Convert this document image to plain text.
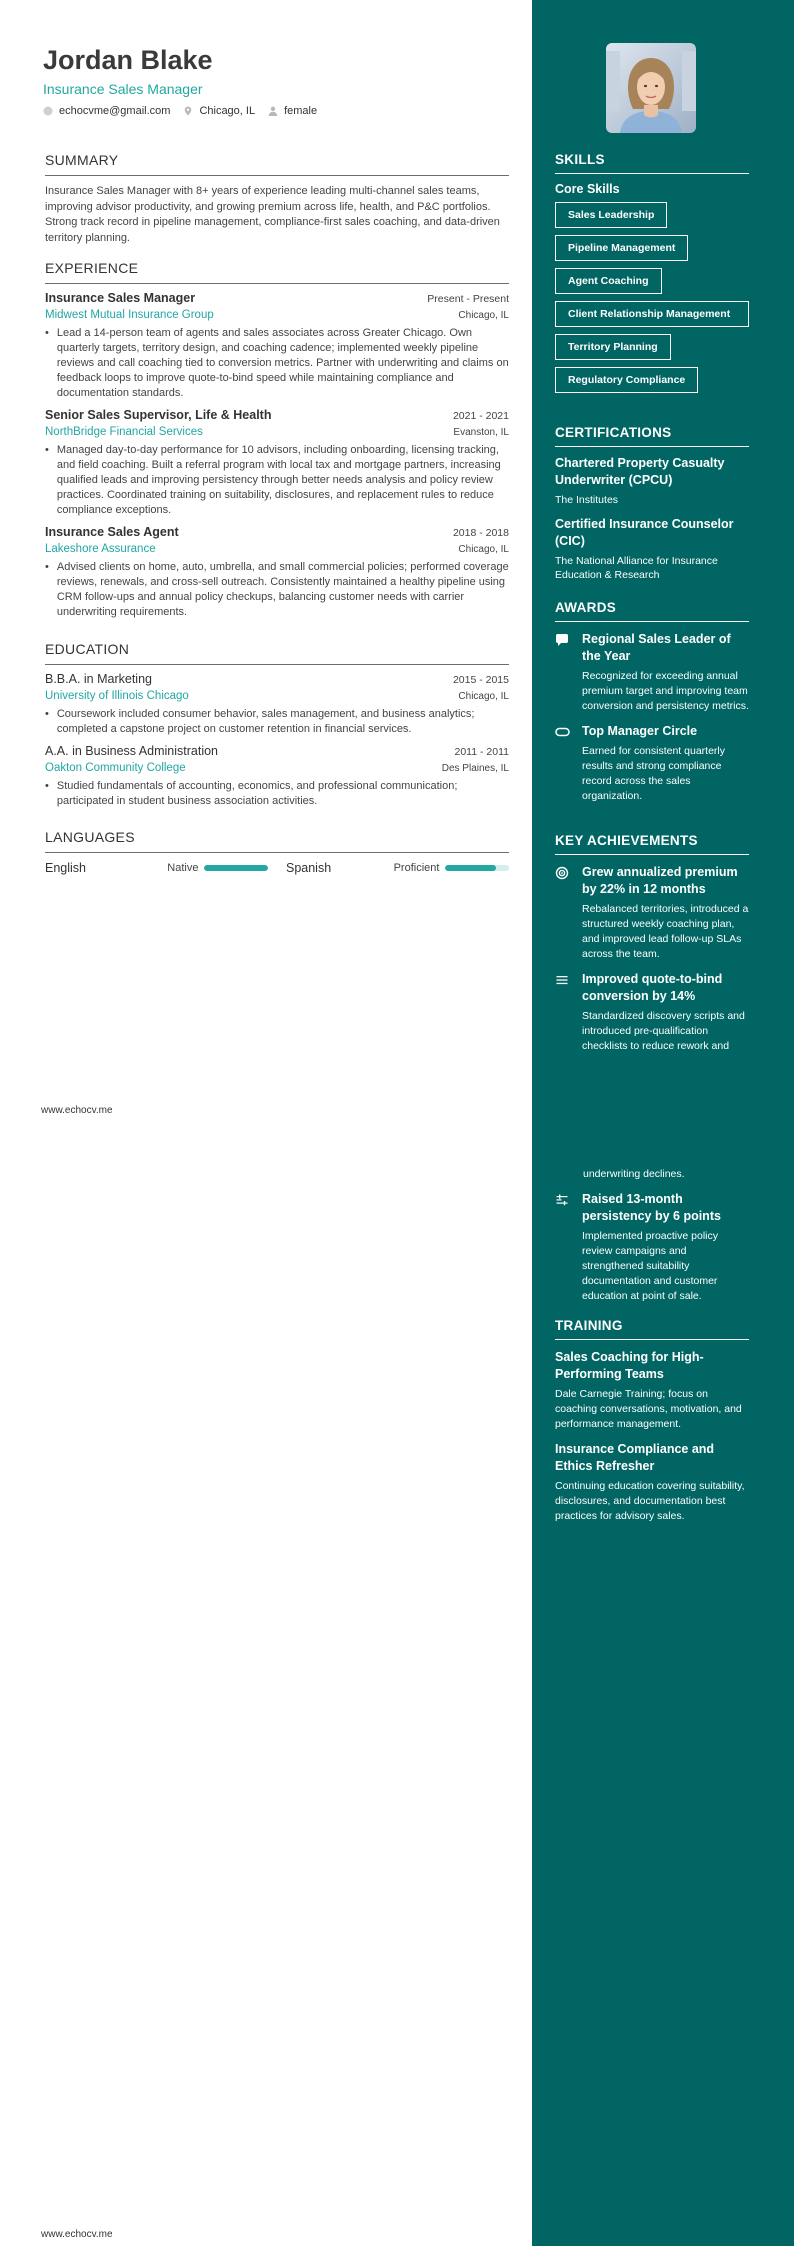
Jordan Blake
Insurance Sales Manager
echocvme@gmail.com	Chicago, IL	female
SUMMARY
Insurance Sales Manager with 8+ years of experience leading multi-channel sales teams, improving advisor productivity, and growing premium across life, health, and P&C portfolios. Strong track record in pipeline management, compliance-first sales coaching, and data-driven territory planning.
EXPERIENCE
Insurance Sales Manager	Present - Present
Midwest Mutual Insurance Group	Chicago, IL
• Lead a 14-person team of agents and sales associates across Greater Chicago. Own quarterly targets, territory design, and coaching cadence; implemented weekly pipeline reviews and call coaching tied to conversion metrics. Partner with underwriting and claims on feedback loops to improve quote-to-bind speed while maintaining compliance and documentation standards.
Senior Sales Supervisor, Life & Health	2021 - 2021
NorthBridge Financial Services	Evanston, IL
• Managed day-to-day performance for 10 advisors, including onboarding, licensing tracking, and field coaching. Built a referral program with local tax and mortgage partners, increasing qualified leads and improving persistency through better needs analysis and policy review practices. Coordinated training on suitability, disclosures, and replacement rules to reduce compliance exceptions.
Insurance Sales Agent	2018 - 2018
Lakeshore Assurance	Chicago, IL
• Advised clients on home, auto, umbrella, and small commercial policies; performed coverage reviews, renewals, and cross-sell outreach. Consistently maintained a healthy pipeline using CRM follow-ups and annual policy checkups, balancing customer needs with carrier underwriting requirements.
EDUCATION
B.B.A. in Marketing	2015 - 2015
University of Illinois Chicago	Chicago, IL
• Coursework included consumer behavior, sales management, and business analytics; completed a capstone project on customer retention in financial services.
A.A. in Business Administration	2011 - 2011
Oakton Community College	Des Plaines, IL
• Studied fundamentals of accounting, economics, and professional communication; participated in student business association activities.
LANGUAGES
English	Native	Spanish	Proficient
www.echocv.me
www.echocv.me
SKILLS
Core Skills
Sales Leadership
Pipeline Management
Agent Coaching
Client Relationship Management
Territory Planning
Regulatory Compliance
CERTIFICATIONS
Chartered Property Casualty Underwriter (CPCU)
The Institutes
Certified Insurance Counselor (CIC)
The National Alliance for Insurance Education & Research
AWARDS
Regional Sales Leader of the Year
Recognized for exceeding annual premium target and improving team conversion and persistency metrics.
Top Manager Circle
Earned for consistent quarterly results and strong compliance record across the sales organization.
KEY ACHIEVEMENTS
Grew annualized premium by 22% in 12 months
Rebalanced territories, introduced a structured weekly coaching plan, and improved lead follow-up SLAs across the team.
Improved quote-to-bind conversion by 14%
Standardized discovery scripts and introduced pre-qualification checklists to reduce rework and
underwriting declines.
Raised 13-month persistency by 6 points
Implemented proactive policy review campaigns and strengthened suitability documentation and customer education at point of sale.
TRAINING
Sales Coaching for High-Performing Teams
Dale Carnegie Training; focus on coaching conversations, motivation, and performance management.
Insurance Compliance and Ethics Refresher
Continuing education covering suitability, disclosures, and documentation best practices for advisory sales.
